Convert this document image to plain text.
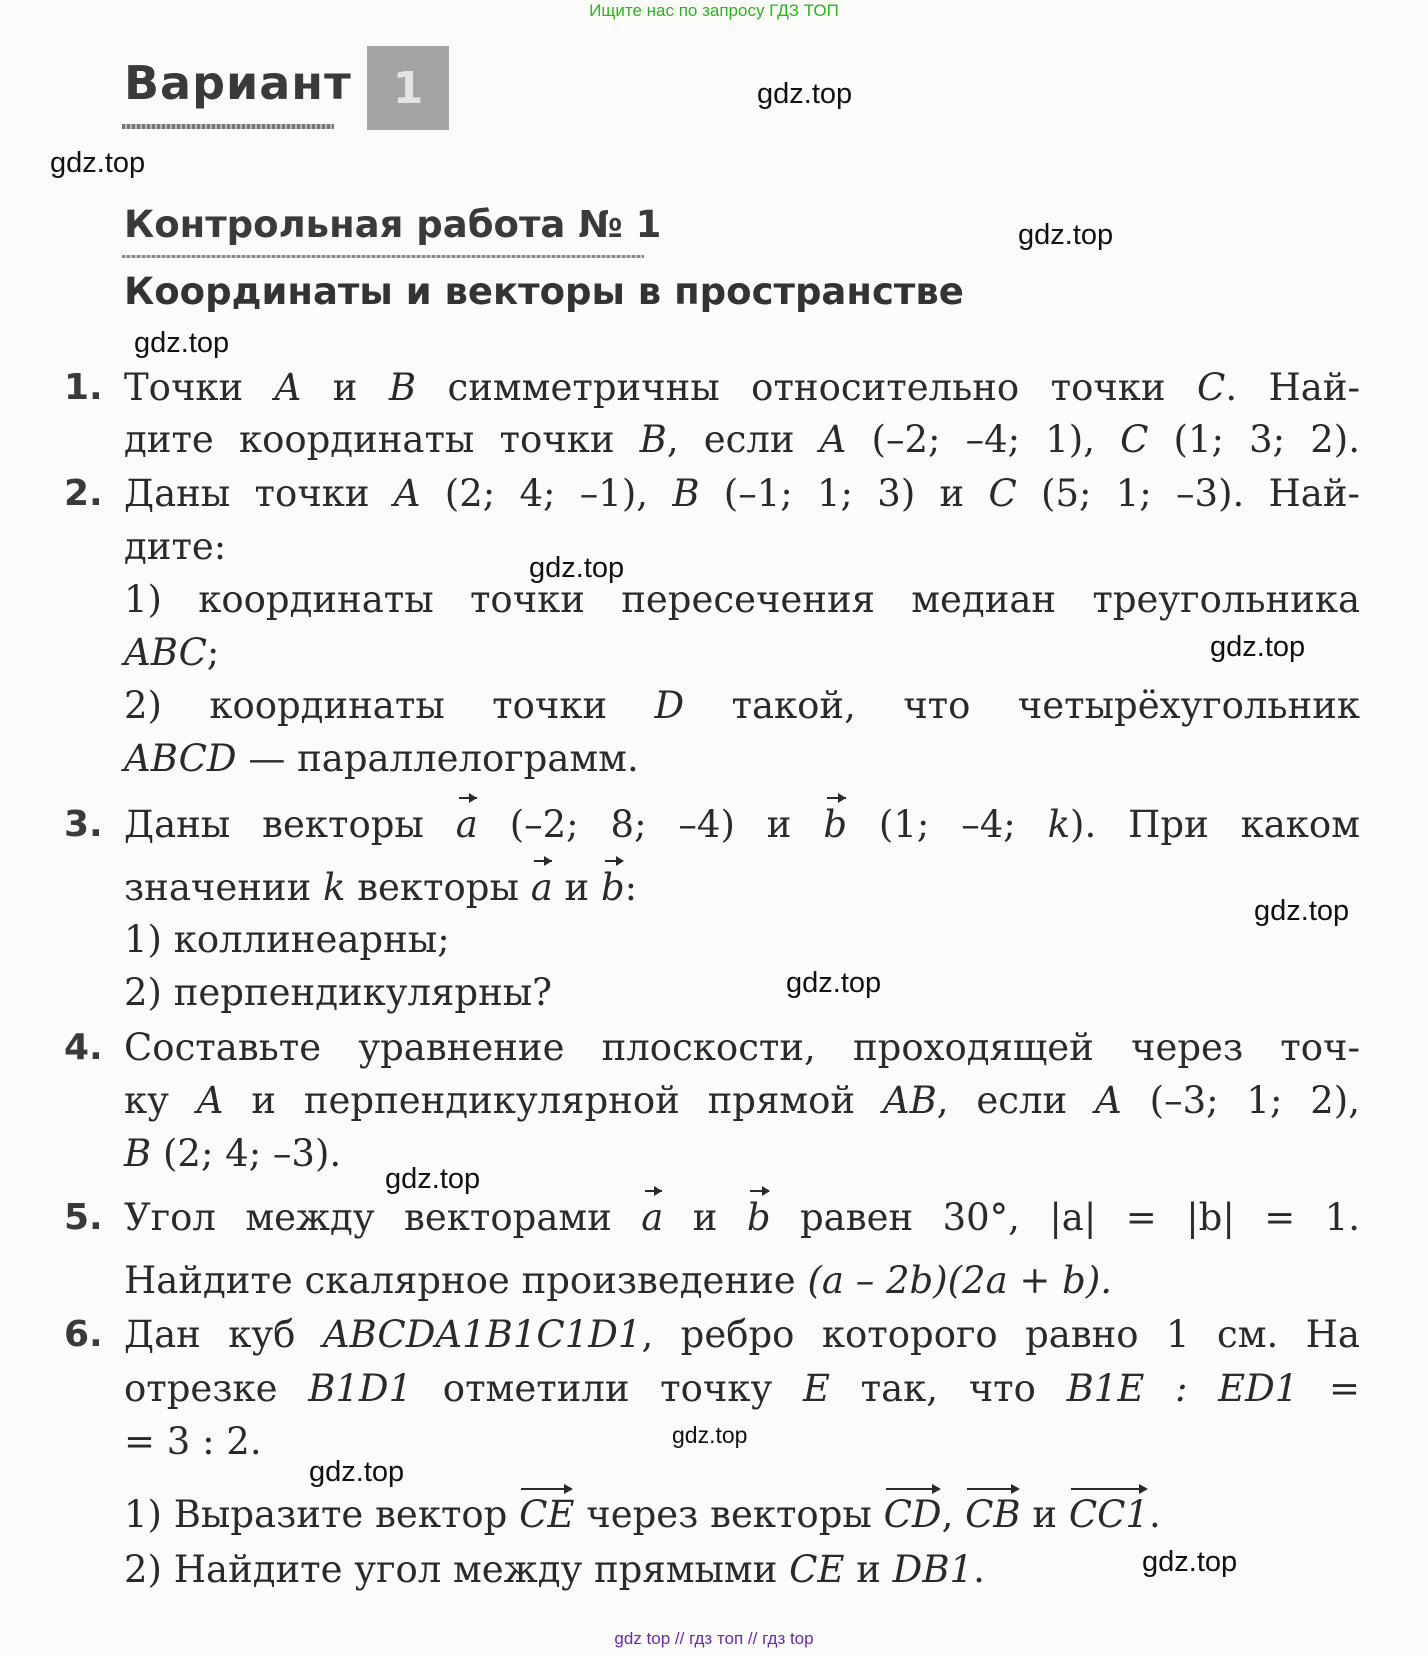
Ищите нас по запросу ГДЗ ТОП
gdz top // гдз топ // гдз top
Вариант 1
Контрольная работа № 1
Координаты и векторы в пространстве
gdz.top
gdz.top
gdz.top
gdz.top
gdz.top
gdz.top
gdz.top
gdz.top
gdz.top
gdz.top
gdz.top
gdz.top
1. Точки A и B симметричны относительно точки C. Най-
дите координаты точки B, если A (–2; –4; 1), C (1; 3; 2).
2. Даны точки A (2; 4; –1), B (–1; 1; 3) и C (5; 1; –3). Най-
дите:
1) координаты точки пересечения медиан треугольника
ABC;
2) координаты точки D такой, что четырёхугольник
ABCD — параллелограмм.
3. Даны векторы a (–2; 8; –4) и b (1; –4; k). При каком
значении k векторы a и b:
1) коллинеарны;
2) перпендикулярны?
4. Составьте уравнение плоскости, проходящей через точ-
ку A и перпендикулярной прямой AB, если A (–3; 1; 2),
B (2; 4; –3).
5. Угол между векторами a и b равен 30°, |a| = |b| = 1.
Найдите скалярное произведение (a – 2b)(2a + b).
6. Дан куб ABCDA1B1C1D1, ребро которого равно 1 см. На
отрезке B1D1 отметили точку E так, что B1E : ED1 =
= 3 : 2.
1) Выразите вектор CE через векторы CD, CB и CC1.
2) Найдите угол между прямыми CE и DB1.
